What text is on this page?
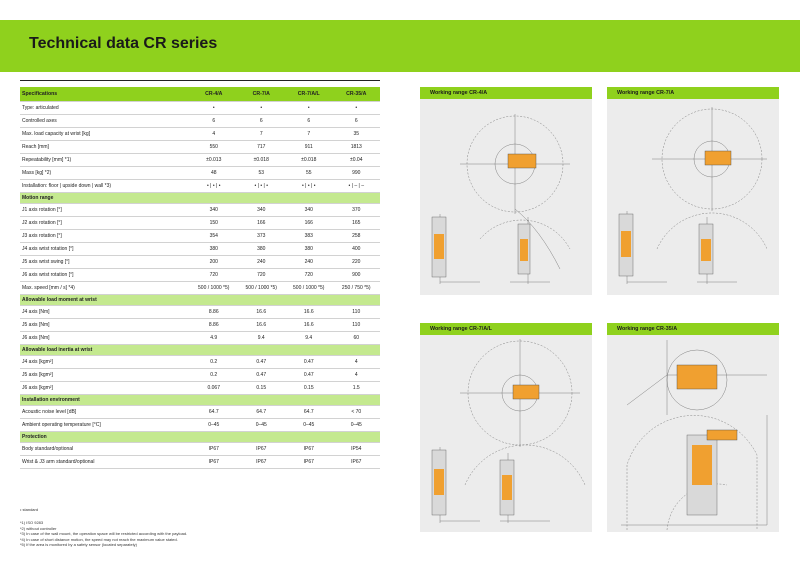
Technical data CR series
Specifications	CR-4/A	CR-7/A	CR-7/A/L	CR-35/A
Type: articulated	•	•	•	•
Controlled axes	6	6	6	6
Max. load capacity at wrist [kg]	4	7	7	35
Reach [mm]	550	717	911	1813
Repeatability [mm] *1)	±0.013	±0.018	±0.018	±0.04
Mass [kg] *2)	48	53	55	990
Installation: floor | upside down | wall *3)	• | • | •	• | • | •	• | • | •	• | – | –
Motion range				
J1 axis rotation [°]	340	340	340	370
J2 axis rotation [°]	150	166	166	165
J3 axis rotation [°]	354	373	383	258
J4 axis wrist rotation [°]	380	380	380	400
J5 axis wrist swing [°]	200	240	240	220
J6 axis wrist rotation [°]	720	720	720	900
Max. speed [mm / s] *4)	500 / 1000 *5)	500 / 1000 *5)	500 / 1000 *5)	250 / 750 *5)
Allowable load moment at wrist				
J4 axis [Nm]	8.86	16.6	16.6	110
J5 axis [Nm]	8.86	16.6	16.6	110
J6 axis [Nm]	4.9	9.4	9.4	60
Allowable load inertia at wrist				
J4 axis [kgm²]	0.2	0.47	0.47	4
J5 axis [kgm²]	0.2	0.47	0.47	4
J6 axis [kgm²]	0.067	0.15	0.15	1.5
Installation environment				
Acoustic noise level [dB]	64.7	64.7	64.7	< 70
Ambient operating temperature [°C]	0–45	0–45	0–45	0–45
Protection				
Body standard/optional	IP67	IP67	IP67	IP54
Wrist & J3 arm standard/optional	IP67	IP67	IP67	IP67
• standard
*1) ISO 9283
*2) without controller
*3) In case of the wall mount, the operation space will be restricted according with the payload.
*4) In case of short distance motion, the speed may not reach the maximum value stated.
*5) If the area is monitored by a safety sensor (located separately)
Working range CR-4/A	Working range CR-7/A
Working range CR-7/A/L	Working range CR-35/A
